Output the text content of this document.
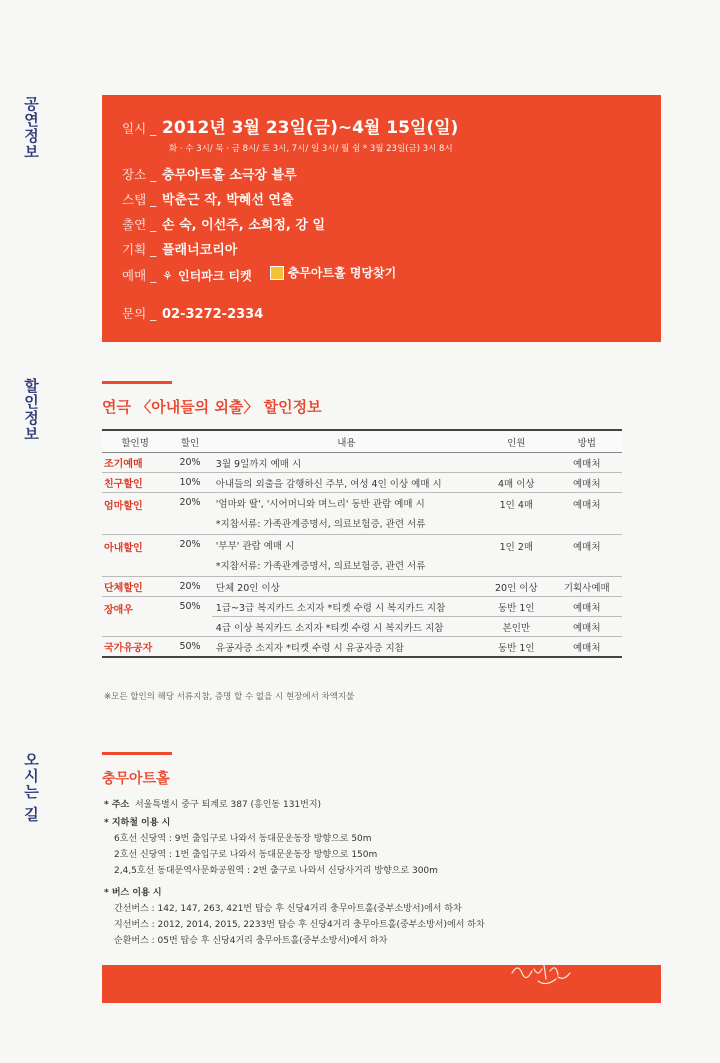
공연정보
할인정보
오시는 길
일시 _ 2012년 3월 23일(금)~4월 15일(일)
화 · 수 3시/ 목 · 금 8시/ 토 3시, 7시/ 일 3시/ 월 쉼 * 3월 23일(금) 3시 8시
장소 _ 충무아트홀 소극장 블루
스탭 _ 박춘근 작, 박혜선 연출
출연 _ 손 숙, 이선주, 소희정, 강 일
기획 _ 플래너코리아
예매 _ ⚘ 인터파크 티켓	충무아트홀 명당찾기
문의 _ 02-3272-2334
연극 〈아내들의 외출〉 할인정보
할인명	할인	내용	인원	방법
조기예매	20%	3월 9일까지 예매 시		예매처
친구할인	10%	아내들의 외출을 감행하신 주부, 여성 4인 이상 예매 시	4매 이상	예매처
엄마할인	20%	'엄마와 딸', '시어머니와 며느리' 동반 관람 예매 시	1인 4매	예매처
		*지참서류: 가족관계증명서, 의료보험증, 관련 서류		
아내할인	20%	'부부' 관람 예매 시	1인 2매	예매처
		*지참서류: 가족관계증명서, 의료보험증, 관련 서류		
단체할인	20%	단체 20인 이상	20인 이상	기획사예매
장애우	50%	1급~3급 복지카드 소지자 *티켓 수령 시 복지카드 지참	동반 1인	예매처
		4급 이상 복지카드 소지자 *티켓 수령 시 복지카드 지참	본인만	예매처
국가유공자	50%	유공자증 소지자 *티켓 수령 시 유공자증 지참	동반 1인	예매처
※모든 할인의 해당 서류지참, 증명 할 수 없을 시 현장에서 차액지불
충무아트홀
* 주소 서울특별시 중구 퇴계로 387 (흥인동 131번지)
* 지하철 이용 시
6호선 신당역 : 9번 출입구로 나와서 동대문운동장 방향으로 50m
2호선 신당역 : 1번 출입구로 나와서 동대문운동장 방향으로 150m
2,4,5호선 동대문역사문화공원역 : 2번 출구로 나와서 신당사거리 방향으로 300m
* 버스 이용 시
간선버스 : 142, 147, 263, 421번 탑승 후 신당4거리 충무아트홀(중부소방서)에서 하차
지선버스 : 2012, 2014, 2015, 2233번 탑승 후 신당4거리 충무아트홀(중부소방서)에서 하차
순환버스 : 05번 탑승 후 신당4거리 충무아트홀(중부소방서)에서 하차
